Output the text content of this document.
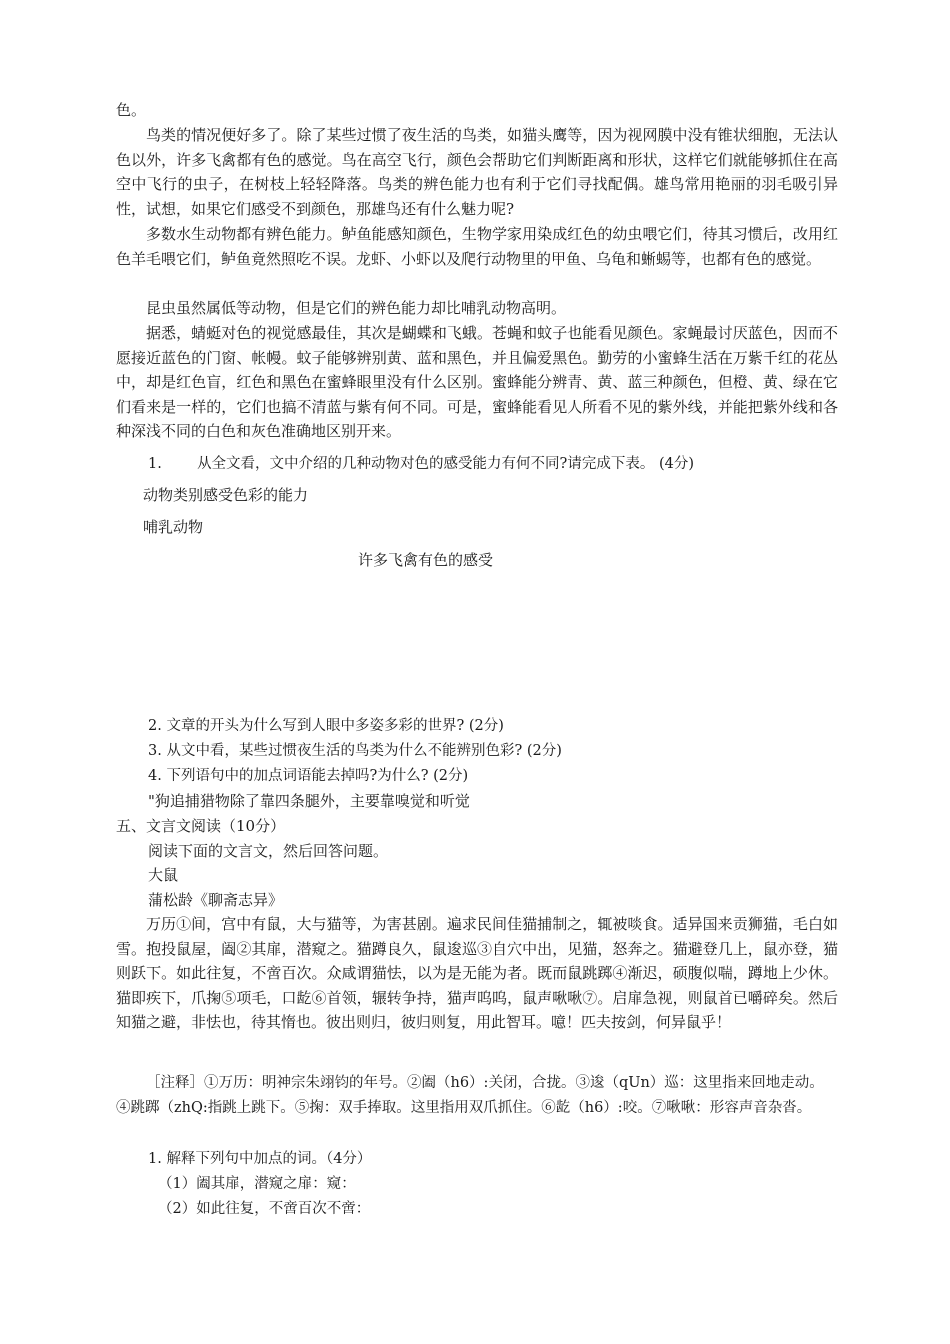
色。

鸟类的情况便好多了。除了某些过惯了夜生活的鸟类，如猫头鹰等，因为视网膜中没有锥状细胞，无法认色以外，许多飞禽都有色的感觉。鸟在高空飞行，颜色会帮助它们判断距离和形状，这样它们就能够抓住在高空中飞行的虫子，在树枝上轻轻降落。鸟类的辨色能力也有利于它们寻找配偶。雄鸟常用艳丽的羽毛吸引异性，试想，如果它们感受不到颜色，那雄鸟还有什么魅力呢?

多数水生动物都有辨色能力。鲈鱼能感知颜色，生物学家用染成红色的幼虫喂它们，待其习惯后，改用红色羊毛喂它们，鲈鱼竟然照吃不误。龙虾、小虾以及爬行动物里的甲鱼、乌龟和蜥蜴等，也都有色的感觉。

昆虫虽然属低等动物，但是它们的辨色能力却比哺乳动物高明。

据悉，蜻蜓对色的视觉感最佳，其次是蝴蝶和飞蛾。苍蝇和蚊子也能看见颜色。家蝇最讨厌蓝色，因而不愿接近蓝色的门窗、帐幔。蚊子能够辨别黄、蓝和黑色，并且偏爱黑色。勤劳的小蜜蜂生活在万紫千红的花丛中，却是红色盲，红色和黑色在蜜蜂眼里没有什么区别。蜜蜂能分辨青、黄、蓝三种颜色，但橙、黄、绿在它们看来是一样的，它们也搞不清蓝与紫有何不同。可是，蜜蜂能看见人所看不见的紫外线，并能把紫外线和各种深浅不同的白色和灰色准确地区别开来。

1. 从全文看，文中介绍的几种动物对色的感受能力有何不同?请完成下表。 (4分)
动物类别感受色彩的能力
哺乳动物
许多飞禽有色的感受
2. 文章的开头为什么写到人眼中多姿多彩的世界? (2分)
3. 从文中看，某些过惯夜生活的鸟类为什么不能辨别色彩? (2分)
4. 下列语句中的加点词语能去掉吗?为什么? (2分)
"狗追捕猎物除了靠四条腿外，主要靠嗅觉和听觉
五、文言文阅读（10分）
阅读下面的文言文，然后回答问题。
大鼠
蒲松龄《聊斋志异》

万历①间，宫中有鼠，大与猫等，为害甚剧。遍求民间佳猫捕制之，辄被啖食。适异国来贡狮猫，毛白如雪。抱投鼠屋，阖②其扉，潜窥之。猫蹲良久，鼠逡巡③自穴中出，见猫，怒奔之。猫避登几上，鼠亦登，猫则跃下。如此往复，不啻百次。众咸谓猫怯，以为是无能为者。既而鼠跳踯④渐迟，硕腹似喘，蹲地上少休。猫即疾下，爪掬⑤项毛，口龁⑥首领，辗转争持，猫声呜呜，鼠声啾啾⑦。启扉急视，则鼠首已嚼碎矣。然后知猫之避，非怯也，待其惰也。彼出则归，彼归则复，用此智耳。噫！匹夫按剑，何异鼠乎！

［注释］①万历：明神宗朱翊钧的年号。②阖（h6）:关闭，合拢。③逡（qUn）巡：这里指来回地走动。④跳踯（zhQ:指跳上跳下。⑤掬：双手捧取。这里指用双爪抓住。⑥龁（h6）:咬。⑦啾啾：形容声音杂沓。

1. 解释下列句中加点的词。（4分）
（1）阖其扉，潜窥之扉：窥：
（2）如此往复，不啻百次不啻：
